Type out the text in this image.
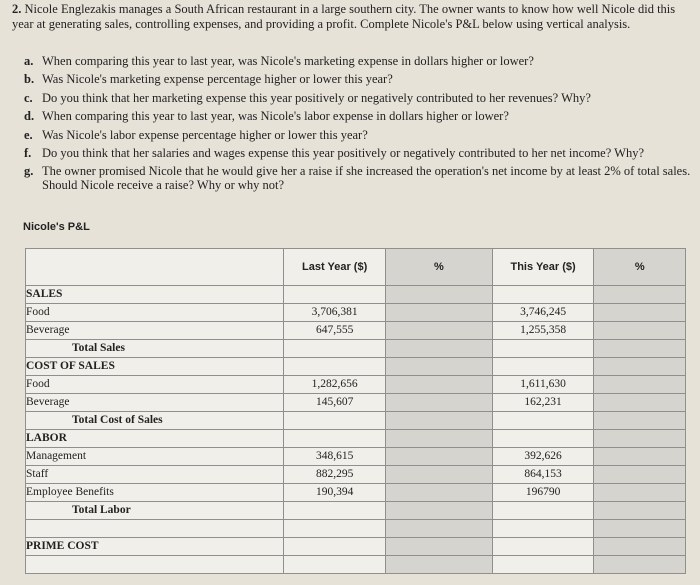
2. Nicole Englezakis manages a South African restaurant in a large southern city. The owner wants to know how well Nicole did this year at generating sales, controlling expenses, and providing a profit. Complete Nicole's P&L below using vertical analysis.
a. When comparing this year to last year, was Nicole's marketing expense in dollars higher or lower?
b. Was Nicole's marketing expense percentage higher or lower this year?
c. Do you think that her marketing expense this year positively or negatively contributed to her revenues? Why?
d. When comparing this year to last year, was Nicole's labor expense in dollars higher or lower?
e. Was Nicole's labor expense percentage higher or lower this year?
f. Do you think that her salaries and wages expense this year positively or negatively contributed to her net income? Why?
g. The owner promised Nicole that he would give her a raise if she increased the operation's net income by at least 2% of total sales. Should Nicole receive a raise? Why or why not?
Nicole's P&L
	Last Year ($)	%	This Year ($)	%
SALES				
Food	3,706,381		3,746,245	
Beverage	647,555		1,255,358	
Total Sales				
COST OF SALES				
Food	1,282,656		1,611,630	
Beverage	145,607		162,231	
Total Cost of Sales				
LABOR				
Management	348,615		392,626	
Staff	882,295		864,153	
Employee Benefits	190,394		196790	
Total Labor				

PRIME COST				
